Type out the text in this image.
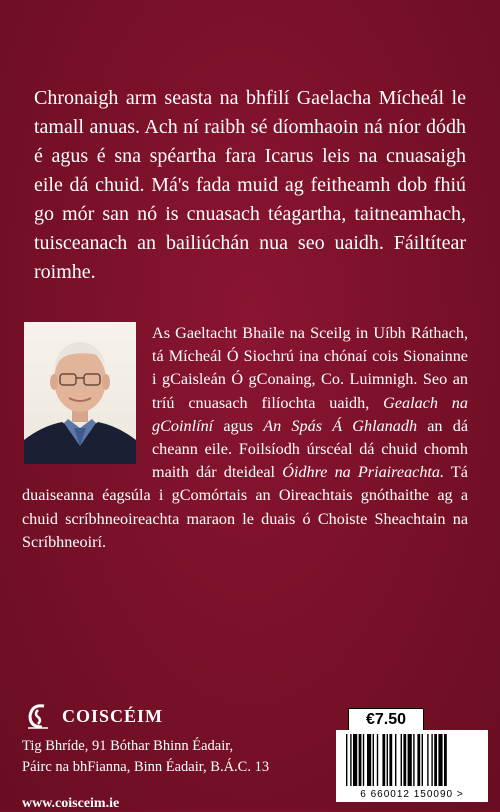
Chronaigh arm seasta na bhfilí Gaelacha Mícheál le tamall anuas. Ach ní raibh sé díomhaoin ná níor dódh é agus é sna spéartha fara Icarus leis na cnuasaigh eile dá chuid. Má's fada muid ag feitheamh dob fhiú go mór san nó is cnuasach téagartha, taitneamhach, tuisceanach an bailiúchán nua seo uaidh. Fáiltítear roimhe.
As Gaeltacht Bhaile na Sceilg in Uíbh Ráthach, tá Mícheál Ó Siochrú ina chónaí cois Sionainne i gCaisleán Ó gConaing, Co. Luimnigh. Seo an tríú cnuasach filíochta uaidh, Gealach na gCoinlíní agus An Spás Á Ghlanadh an dá cheann eile. Foilsíodh úrscéal dá chuid chomh maith dár dteideal Óidhre na Priaireachta. Tá duaiseanna éagsúla i gComórtais an Oireachtais gnóthaithe ag a chuid scríbhneoireachta maraon le duais ó Choiste Sheachtain na Scríbhneoirí.
COISCÉIM
Tig Bhríde, 91 Bóthar Bhinn Éadair,
Páirc na bhFianna, Binn Éadair, B.Á.C. 13
www.coisceim.ie
€7.50
6 660012 150090 >
